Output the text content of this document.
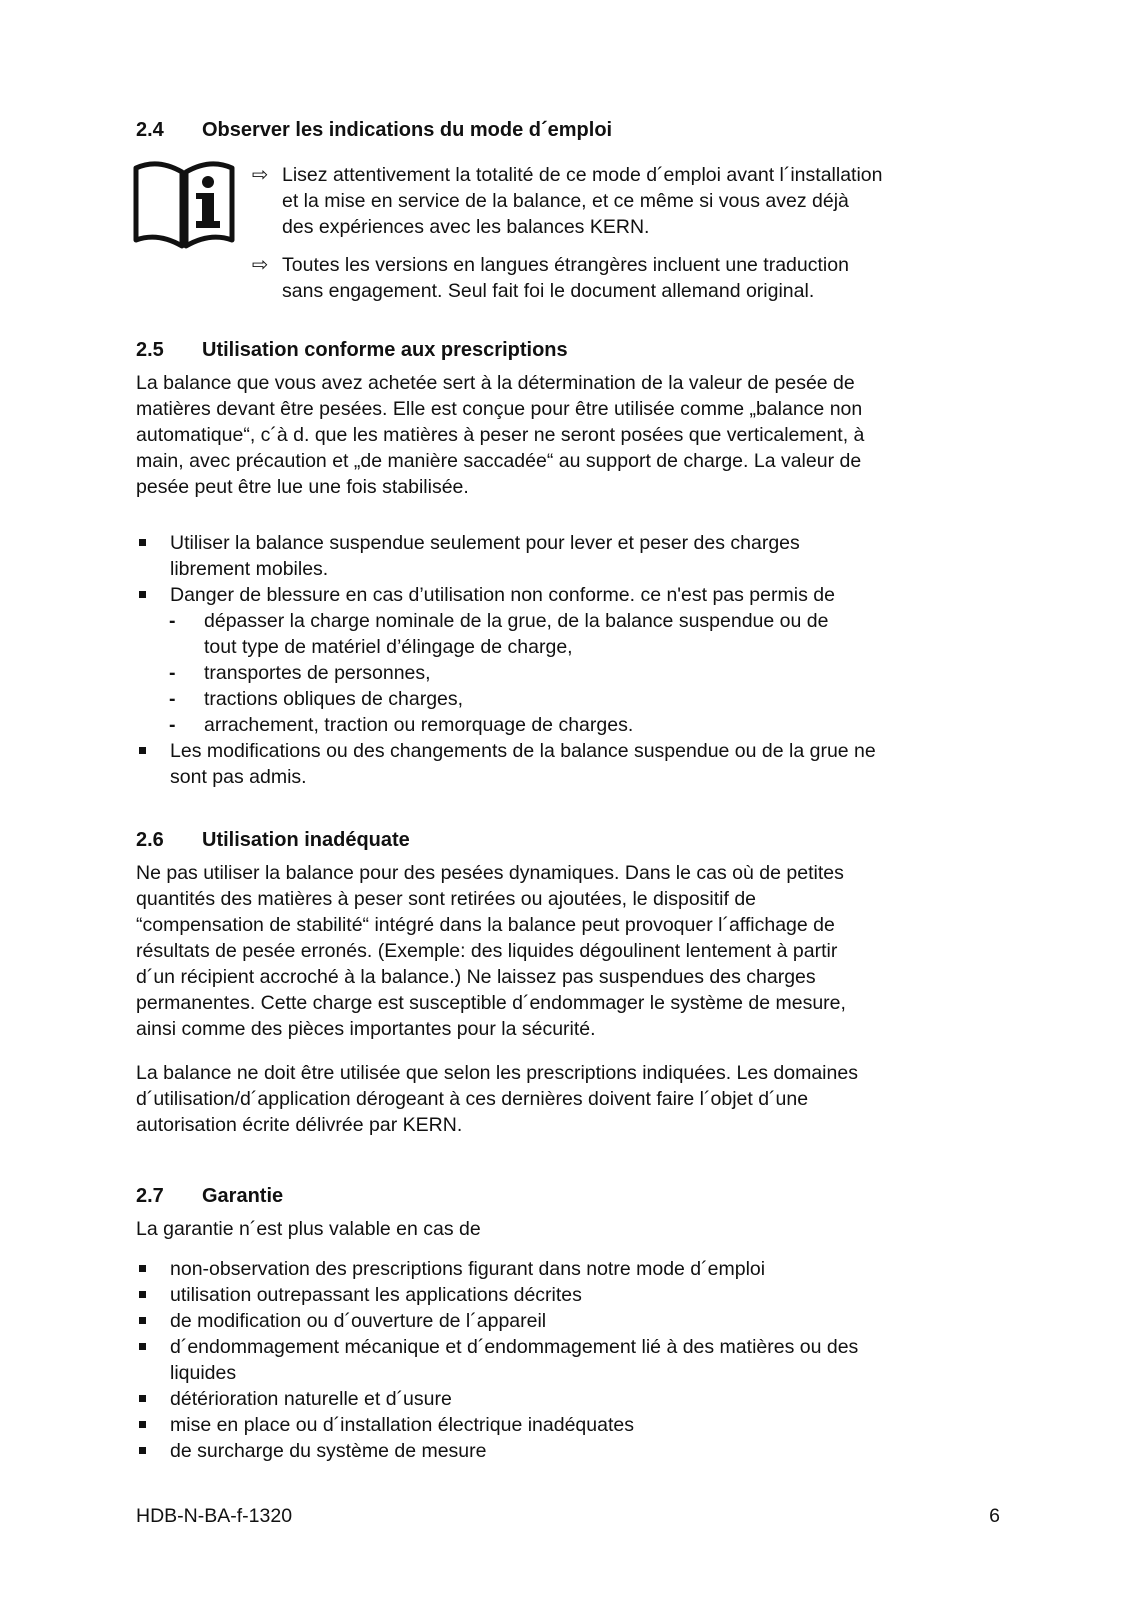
2.4 Observer les indications du mode d´emploi
⇨ Lisez attentivement la totalité de ce mode d´emploi avant l´installation
et la mise en service de la balance, et ce même si vous avez déjà
des expériences avec les balances KERN.
⇨ Toutes les versions en langues étrangères incluent une traduction
sans engagement. Seul fait foi le document allemand original.
2.5 Utilisation conforme aux prescriptions
La balance que vous avez achetée sert à la détermination de la valeur de pesée de
matières devant être pesées. Elle est conçue pour être utilisée comme „balance non
automatique“, c´à d. que les matières à peser ne seront posées que verticalement, à
main, avec précaution et „de manière saccadée“ au support de charge. La valeur de
pesée peut être lue une fois stabilisée.
Utiliser la balance suspendue seulement pour lever et peser des charges
librement mobiles.
Danger de blessure en cas d’utilisation non conforme. ce n'est pas permis de
- dépasser la charge nominale de la grue, de la balance suspendue ou de
tout type de matériel d’élingage de charge,
- transportes de personnes,
- tractions obliques de charges,
- arrachement, traction ou remorquage de charges.
Les modifications ou des changements de la balance suspendue ou de la grue ne
sont pas admis.
2.6 Utilisation inadéquate
Ne pas utiliser la balance pour des pesées dynamiques. Dans le cas où de petites
quantités des matières à peser sont retirées ou ajoutées, le dispositif de
“compensation de stabilité“ intégré dans la balance peut provoquer l´affichage de
résultats de pesée erronés. (Exemple: des liquides dégoulinent lentement à partir
d´un récipient accroché à la balance.) Ne laissez pas suspendues des charges
permanentes. Cette charge est susceptible d´endommager le système de mesure,
ainsi comme des pièces importantes pour la sécurité.
La balance ne doit être utilisée que selon les prescriptions indiquées. Les domaines
d´utilisation/d´application dérogeant à ces dernières doivent faire l´objet d´une
autorisation écrite délivrée par KERN.
2.7 Garantie
La garantie n´est plus valable en cas de
non-observation des prescriptions figurant dans notre mode d´emploi
utilisation outrepassant les applications décrites
de modification ou d´ouverture de l´appareil
d´endommagement mécanique et d´endommagement lié à des matières ou des
liquides
détérioration naturelle et d´usure
mise en place ou d´installation électrique inadéquates
de surcharge du système de mesure
HDB-N-BA-f-1320	6
